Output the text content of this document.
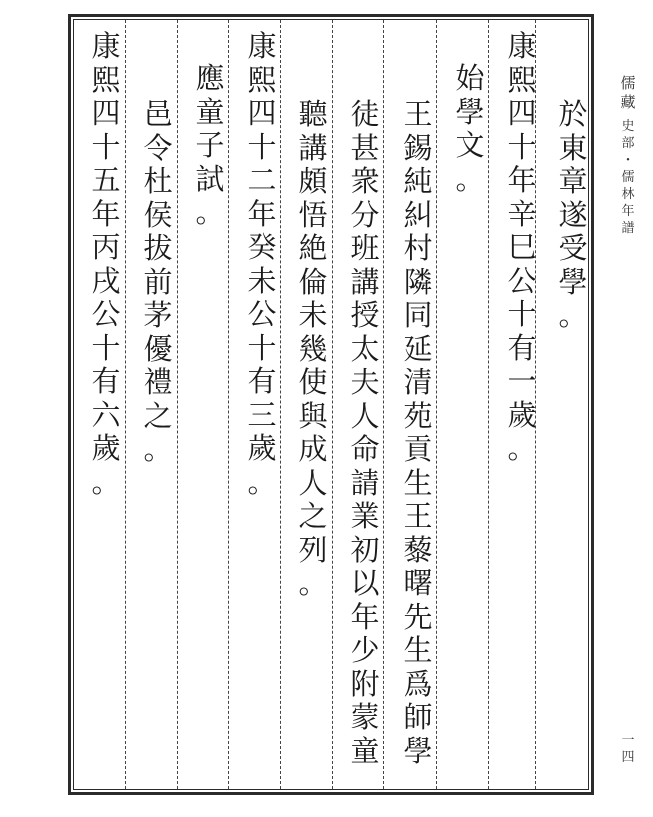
於
東
章
遂
受
學
。
康
熙
四
十
年
辛
巳
公
十
有
一
歲
。
始
學
文
。
王
錫
純
糾
村
隣
同
延
清
苑
貢
生
王
藜
曙
先
生
爲
師
學
徒
甚
衆
分
班
講
授
太
夫
人
命
請
業
初
以
年
少
附
蒙
童
聽
講
頗
悟
絶
倫
未
幾
使
與
成
人
之
列
。
康
熙
四
十
二
年
癸
未
公
十
有
三
歲
。
應
童
子
試
。
邑
令
杜
侯
拔
前
茅
優
禮
之
。
康
熙
四
十
五
年
丙
戌
公
十
有
六
歲
。
儒
藏
史
部
・
儒
林
年
譜
一
四
